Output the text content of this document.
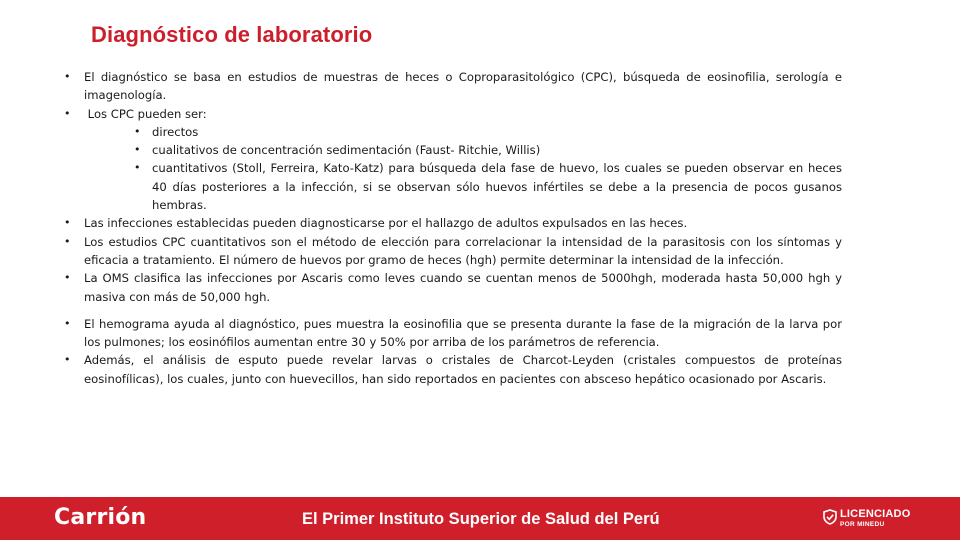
Diagnóstico de laboratorio
• El diagnóstico se basa en estudios de muestras de heces o Coproparasitológico (CPC), búsqueda de eosinofilia, serología e imagenología.
•  Los CPC pueden ser:
• directos
• cualitativos de concentración sedimentación (Faust- Ritchie, Willis)
• cuantitativos (Stoll, Ferreira, Kato-Katz) para búsqueda dela fase de huevo, los cuales se pueden observar en heces 40 días posteriores a la infección, si se observan sólo huevos infértiles se debe a la presencia de pocos gusanos hembras.
• Las infecciones establecidas pueden diagnosticarse por el hallazgo de adultos expulsados en las heces.
• Los estudios CPC cuantitativos son el método de elección para correlacionar la intensidad de la parasitosis con los síntomas y eficacia a tratamiento. El número de huevos por gramo de heces (hgh) permite determinar la intensidad de la infección.
• La OMS clasifica las infecciones por Ascaris como leves cuando se cuentan menos de 5000hgh, moderada hasta 50,000 hgh y masiva con más de 50,000 hgh.
• El hemograma ayuda al diagnóstico, pues muestra la eosinofilia que se presenta durante la fase de la migración de la larva por los pulmones; los eosinófilos aumentan entre 30 y 50% por arriba de los parámetros de referencia.
• Además, el análisis de esputo puede revelar larvas o cristales de Charcot-Leyden (cristales compuestos de proteínas eosinofílicas), los cuales, junto con huevecillos, han sido reportados en pacientes con absceso hepático ocasionado por Ascaris.
Carrión	El Primer Instituto Superior de Salud del Perú	LICENCIADO
POR MINEDU
